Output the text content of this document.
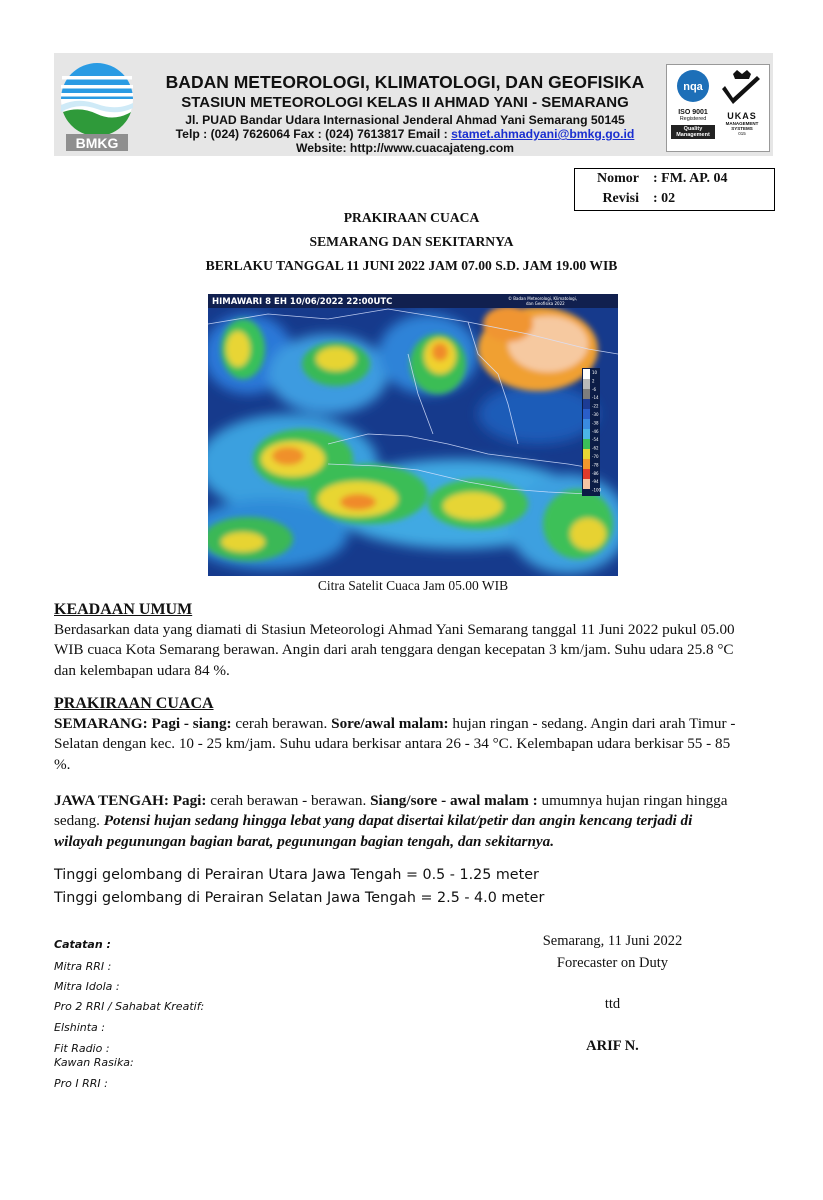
BMKG
BADAN METEOROLOGI, KLIMATOLOGI, DAN GEOFISIKA
STASIUN METEOROLOGI KELAS II AHMAD YANI - SEMARANG
Jl. PUAD Bandar Udara Internasional Jenderal Ahmad Yani Semarang 50145
Telp : (024) 7626064 Fax : (024) 7613817 Email : stamet.ahmadyani@bmkg.go.id
Website: http://www.cuacajateng.com
nqa
ISO 9001
Registered
Quality
Management
UKAS
MANAGEMENT
SYSTEMS
015
Nomor : FM. AP. 04
Revisi : 02
PRAKIRAAN CUACA
SEMARANG DAN SEKITARNYA
BERLAKU TANGGAL 11 JUNI 2022 JAM 07.00 S.D. JAM 19.00 WIB
HIMAWARI 8 EH 10/06/2022 22:00UTC	© Badan Meteorologi, Klimatologi,
dan Geofisika 2022
10
2
-6
-14
-22
-30
-38
-46
-54
-62
-70
-78
-86
-94
-100
Citra Satelit Cuaca Jam 05.00 WIB
KEADAAN UMUM
Berdasarkan data yang diamati di Stasiun Meteorologi Ahmad Yani Semarang tanggal 11 Juni 2022 pukul 05.00
WIB cuaca Kota Semarang berawan. Angin dari arah tenggara dengan kecepatan 3 km/jam. Suhu udara 25.8 °C
dan kelembapan udara 84 %.
PRAKIRAAN CUACA
SEMARANG: Pagi - siang: cerah berawan. Sore/awal malam: hujan ringan - sedang. Angin dari arah Timur -
Selatan dengan kec. 10 - 25 km/jam. Suhu udara berkisar antara 26 - 34 °C. Kelembapan udara berkisar 55 - 85
%.
JAWA TENGAH: Pagi: cerah berawan - berawan. Siang/sore - awal malam : umumnya hujan ringan hingga
sedang. Potensi hujan sedang hingga lebat yang dapat disertai kilat/petir dan angin kencang terjadi di
wilayah pegunungan bagian barat, pegunungan bagian tengah, dan sekitarnya.
Tinggi gelombang di Perairan Utara Jawa Tengah = 0.5 - 1.25 meter
Tinggi gelombang di Perairan Selatan Jawa Tengah = 2.5 - 4.0 meter
Catatan :
Mitra RRI :
Mitra Idola :
Pro 2 RRI / Sahabat Kreatif:
Elshinta :
Fit Radio :
Kawan Rasika:
Pro I RRI :
Semarang, 11 Juni 2022
Forecaster on Duty
ttd
ARIF N.
